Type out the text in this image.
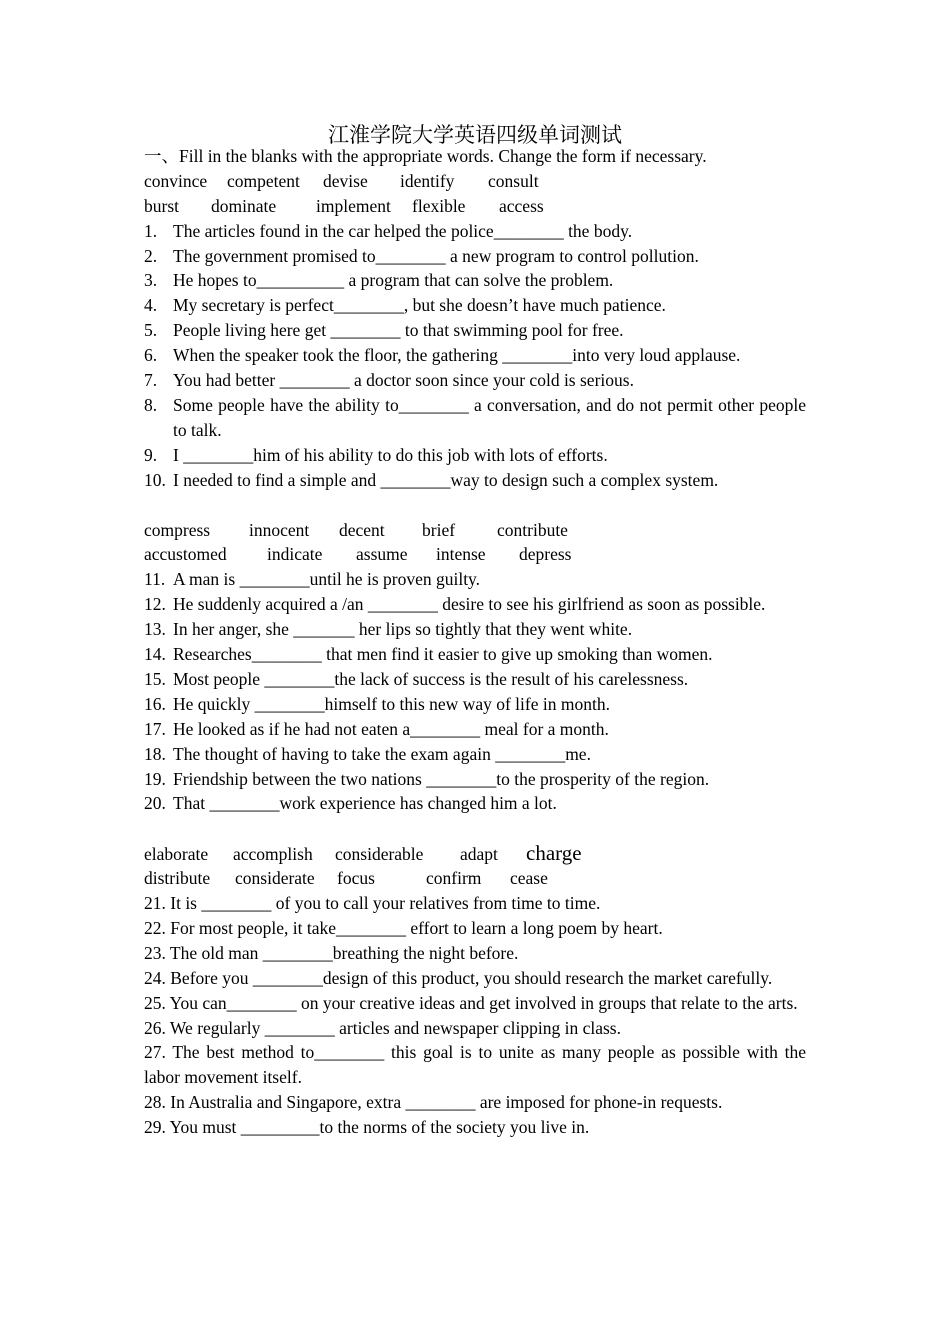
江淮学院大学英语四级单词测试
一、Fill in the blanks with the appropriate words. Change the form if necessary.
convince competent devise identify consult
burst dominate implement flexible access
1. The articles found in the car helped the police________ the body.
2. The government promised to________ a new program to control pollution.
3. He hopes to__________ a program that can solve the problem.
4. My secretary is perfect________, but she doesn’t have much patience.
5. People living here get ________ to that swimming pool for free.
6. When the speaker took the floor, the gathering ________into very loud applause.
7. You had better ________ a doctor soon since your cold is serious.
8. Some people have the ability to________ a conversation, and do not permit other people to talk.
9. I ________him of his ability to do this job with lots of efforts.
10. I needed to find a simple and ________way to design such a complex system.
compress innocent decent brief contribute
accustomed indicate assume intense depress
11. A man is ________until he is proven guilty.
12. He suddenly acquired a /an ________ desire to see his girlfriend as soon as possible.
13. In her anger, she _______ her lips so tightly that they went white.
14. Researches________ that men find it easier to give up smoking than women.
15. Most people ________the lack of success is the result of his carelessness.
16. He quickly ________himself to this new way of life in month.
17. He looked as if he had not eaten a________ meal for a month.
18. The thought of having to take the exam again ________me.
19. Friendship between the two nations ________to the prosperity of the region.
20. That ________work experience has changed him a lot.
elaborate accomplish considerable adapt charge
distribute considerate focus	confirm cease
21. It is ________ of you to call your relatives from time to time.
22. For most people, it take________ effort to learn a long poem by heart.
23. The old man ________breathing the night before.
24. Before you ________design of this product, you should research the market carefully.
25. You can________ on your creative ideas and get involved in groups that relate to the arts.
26. We regularly ________ articles and newspaper clipping in class.
27. The best method to________ this goal is to unite as many people as possible with the labor movement itself.
28. In Australia and Singapore, extra ________ are imposed for phone-in requests.
29. You must _________to the norms of the society you live in.
